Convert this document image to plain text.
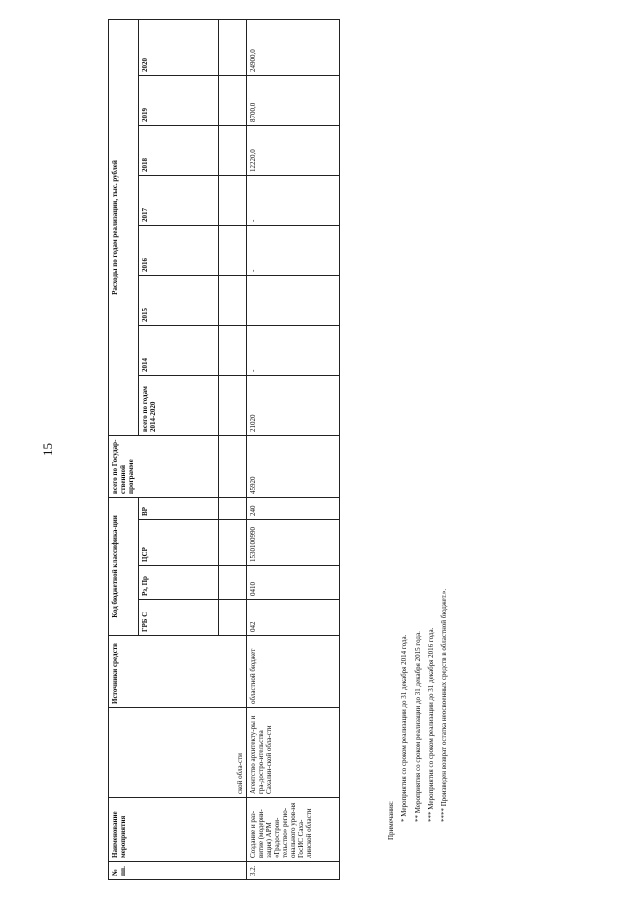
15
№ пп.	Наименование мероприятия	ской обла-сти	Источники средств	Код бюджетной классифика-ции				всего по Государ-ственной программе	Расходы по годам реализации, тыс. рублей							
				ГРБ С	Рз, Пр	ЦСР	ВР		всего по годам 2014-2020	2014	2015	2016	2017	2018	2019	2020

3.2.	Создание и раз-витие (модерни-зация) АРМ «Градострои-тельство» регио-онального уров-ня ГосИС Саха-линской области	Агентство архитекту-ры и гра-достро-ительства Сахалин-ской обла-сти	областной бюджет	042	0410	1530100990	240	45920	21020	-		-	-	12220,0	8700,0	24900,0
Примечания: * Мероприятия со сроком реализации до 31 декабря 2014 года. ** Мероприятия со сроком реализации до 31 декабря 2015 года. *** Мероприятия со сроком реализации до 31 декабря 2016 года. **** Произведен возврат остатка неосвоенных средств в областной бюджет.».
